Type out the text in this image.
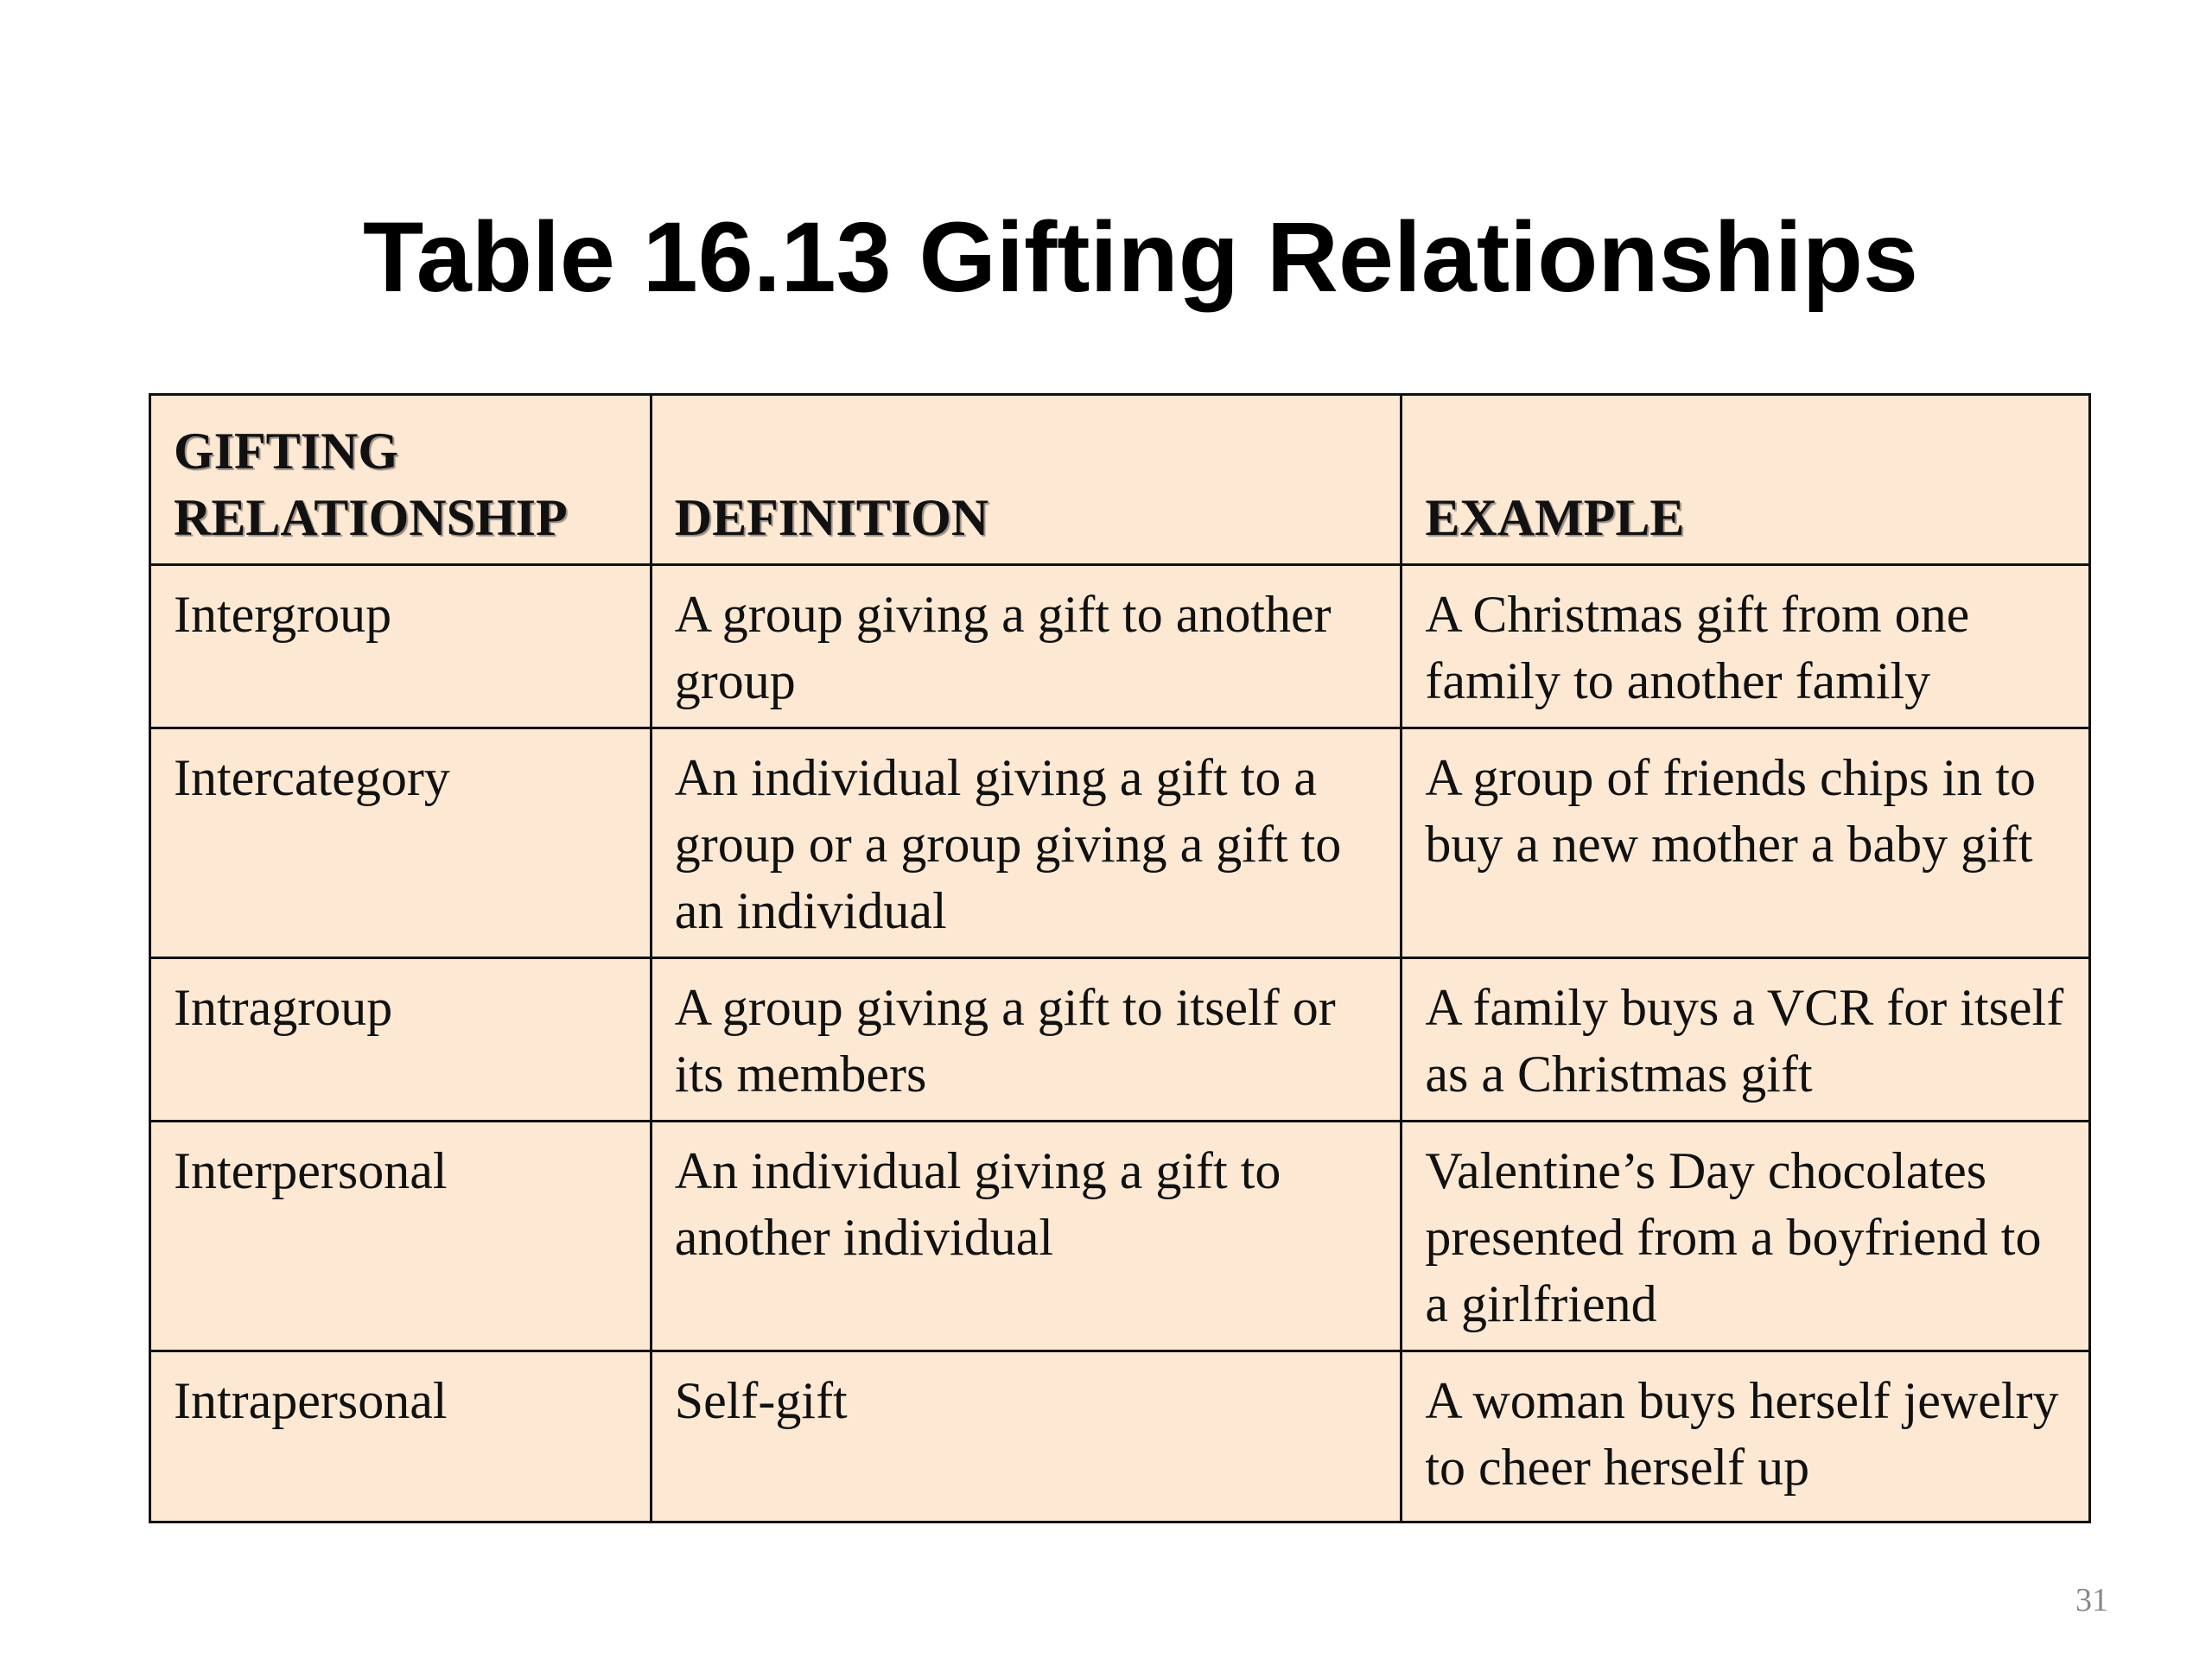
Table 16.13 Gifting Relationships
GIFTING
RELATIONSHIP	DEFINITION	EXAMPLE
Intergroup	A group giving a gift to another group	A Christmas gift from one family to another family
Intercategory	An individual giving a gift to a group or a group giving a gift to an individual	A group of friends chips in to buy a new mother a baby gift
Intragroup	A group giving a gift to itself or its members	A family buys a VCR for itself as a Christmas gift
Interpersonal	An individual giving a gift to another individual	Valentine’s Day chocolates presented from a boyfriend to a girlfriend
Intrapersonal	Self-gift	A woman buys herself jewelry to cheer herself up
31
